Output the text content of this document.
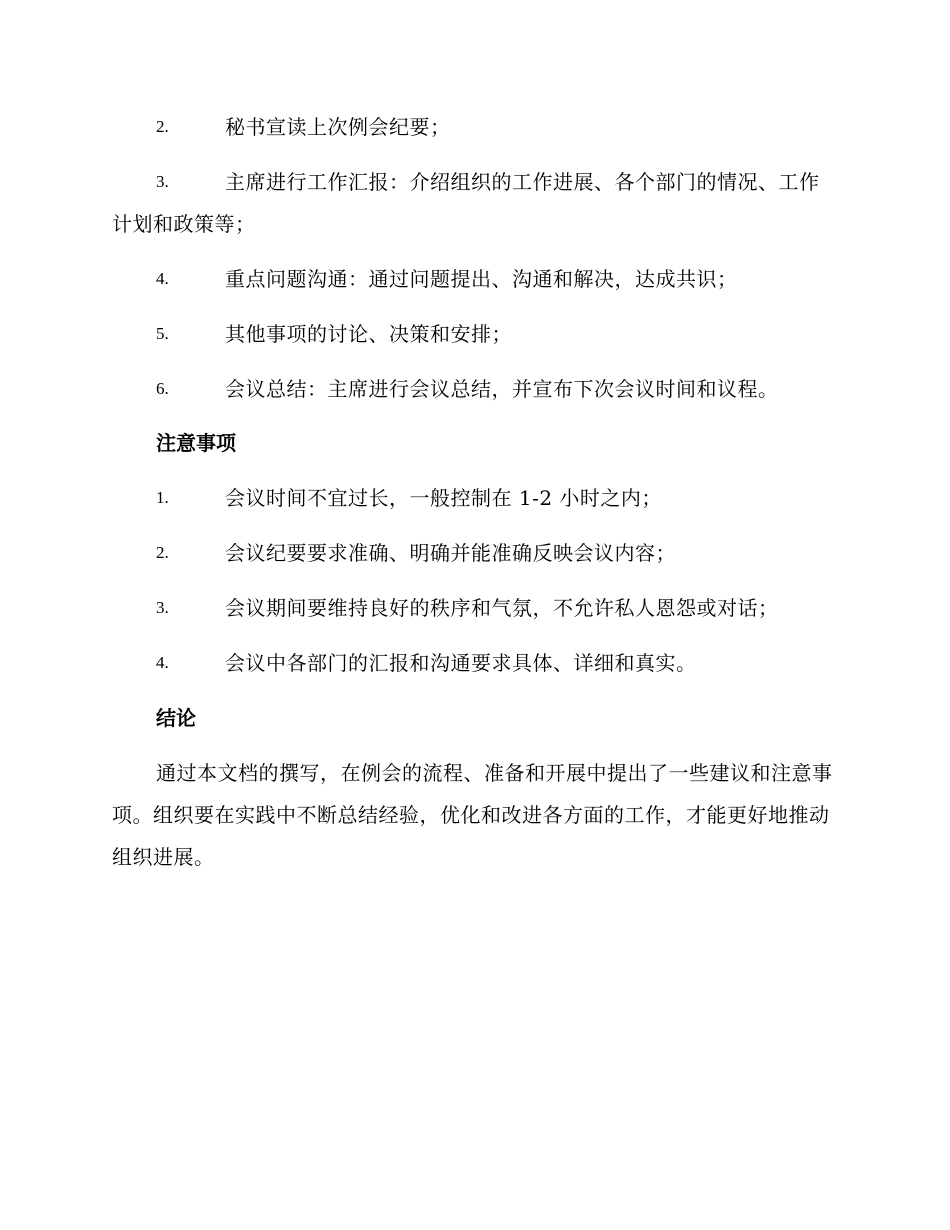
2.	秘书宣读上次例会纪要；
3.	主席进行工作汇报：介绍组织的工作进展、各个部门的情况、工作计划和政策等；
4.	重点问题沟通：通过问题提出、沟通和解决，达成共识；
5.	其他事项的讨论、决策和安排；
6.	会议总结：主席进行会议总结，并宣布下次会议时间和议程。
注意事项
1.	会议时间不宜过长，一般控制在 1-2 小时之内；
2.	会议纪要要求准确、明确并能准确反映会议内容；
3.	会议期间要维持良好的秩序和气氛，不允许私人恩怨或对话；
4.	会议中各部门的汇报和沟通要求具体、详细和真实。
结论
通过本文档的撰写，在例会的流程、准备和开展中提出了一些建议和注意事项。组织要在实践中不断总结经验，优化和改进各方面的工作，才能更好地推动组织进展。
